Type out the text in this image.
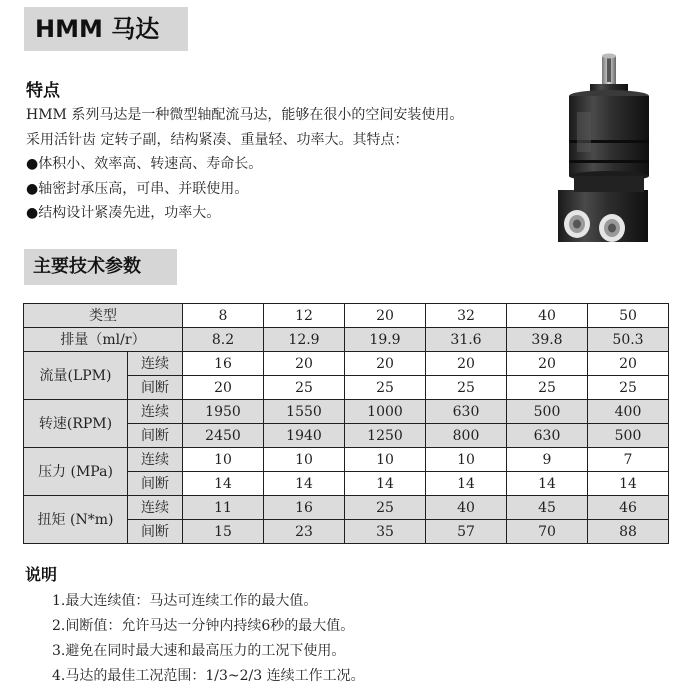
HMM 马达
特点

HMM 系列马达是一种微型轴配流马达，能够在很小的空间安装使用。

采用活针齿 定转子副，结构紧凑、重量轻、功率大。其特点：

●体积小、效率高、转速高、寿命长。

●轴密封承压高，可串、并联使用。

●结构设计紧凑先进，功率大。

主要技术参数
类型		8	12	20	32	40	50
排量（ml/r）		8.2	12.9	19.9	31.6	39.8	50.3
流量(LPM)	连续	16	20	20	20	20	20
	间断	20	25	25	25	25	25
转速(RPM)	连续	1950	1550	1000	630	500	400
	间断	2450	1940	1250	800	630	500
压力 (MPa)	连续	10	10	10	10	9	7
	间断	14	14	14	14	14	14
扭矩 (N*m)	连续	11	16	25	40	45	46
	间断	15	23	35	57	70	88
说明

1.最大连续值：马达可连续工作的最大值。

2.间断值：允许马达一分钟内持续6秒的最大值。

3.避免在同时最大速和最高压力的工况下使用。

4.马达的最佳工况范围：1/3~2/3 连续工作工况。
